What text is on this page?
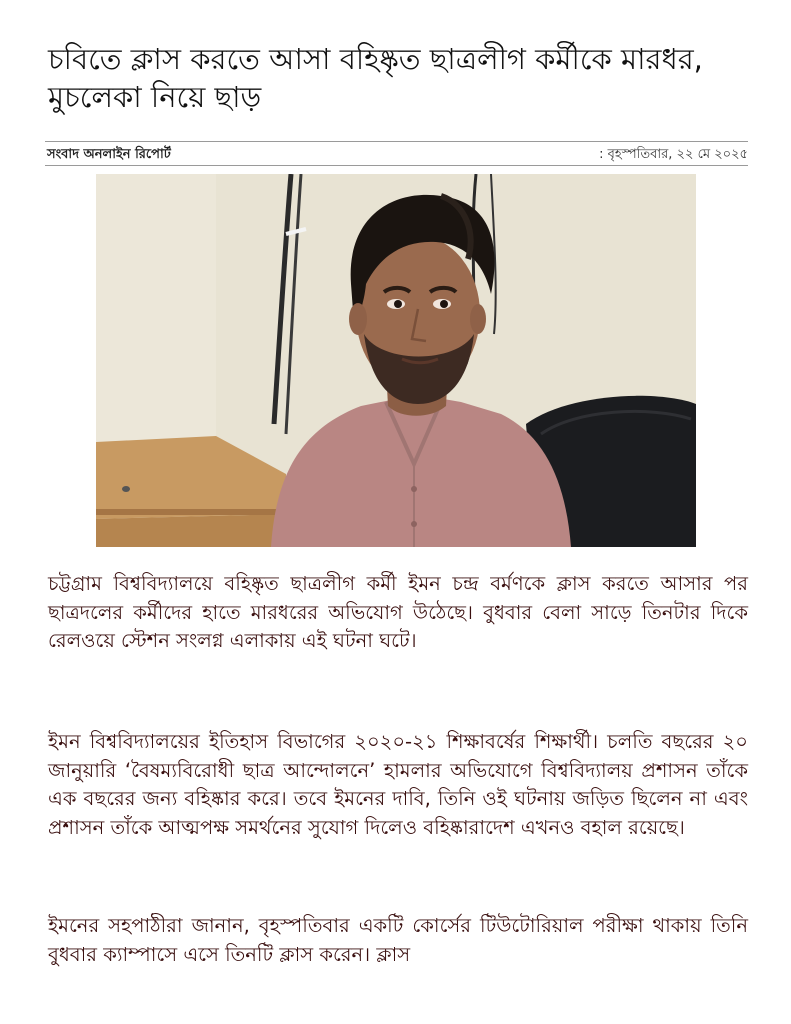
চবিতে ক্লাস করতে আসা বহিষ্কৃত ছাত্রলীগ কর্মীকে মারধর, মুচলেকা নিয়ে ছাড়
সংবাদ অনলাইন রিপোর্ট	: বৃহস্পতিবার, ২২ মে ২০২৫

চট্টগ্রাম বিশ্ববিদ্যালয়ে বহিষ্কৃত ছাত্রলীগ কর্মী ইমন চন্দ্র বর্মণকে ক্লাস করতে আসার পর ছাত্রদলের কর্মীদের হাতে মারধরের অভিযোগ উঠেছে। বুধবার বেলা সাড়ে তিনটার দিকে রেলওয়ে স্টেশন সংলগ্ন এলাকায় এই ঘটনা ঘটে।

ইমন বিশ্ববিদ্যালয়ের ইতিহাস বিভাগের ২০২০-২১ শিক্ষাবর্ষের শিক্ষার্থী। চলতি বছরের ২০ জানুয়ারি ‘বৈষম্যবিরোধী ছাত্র আন্দোলনে’ হামলার অভিযোগে বিশ্ববিদ্যালয় প্রশাসন তাঁকে এক বছরের জন্য বহিষ্কার করে। তবে ইমনের দাবি, তিনি ওই ঘটনায় জড়িত ছিলেন না এবং প্রশাসন তাঁকে আত্মপক্ষ সমর্থনের সুযোগ দিলেও বহিষ্কারাদেশ এখনও বহাল রয়েছে।

ইমনের সহপাঠীরা জানান, বৃহস্পতিবার একটি কোর্সের টিউটোরিয়াল পরীক্ষা থাকায় তিনি বুধবার ক্যাম্পাসে এসে তিনটি ক্লাস করেন। ক্লাস
